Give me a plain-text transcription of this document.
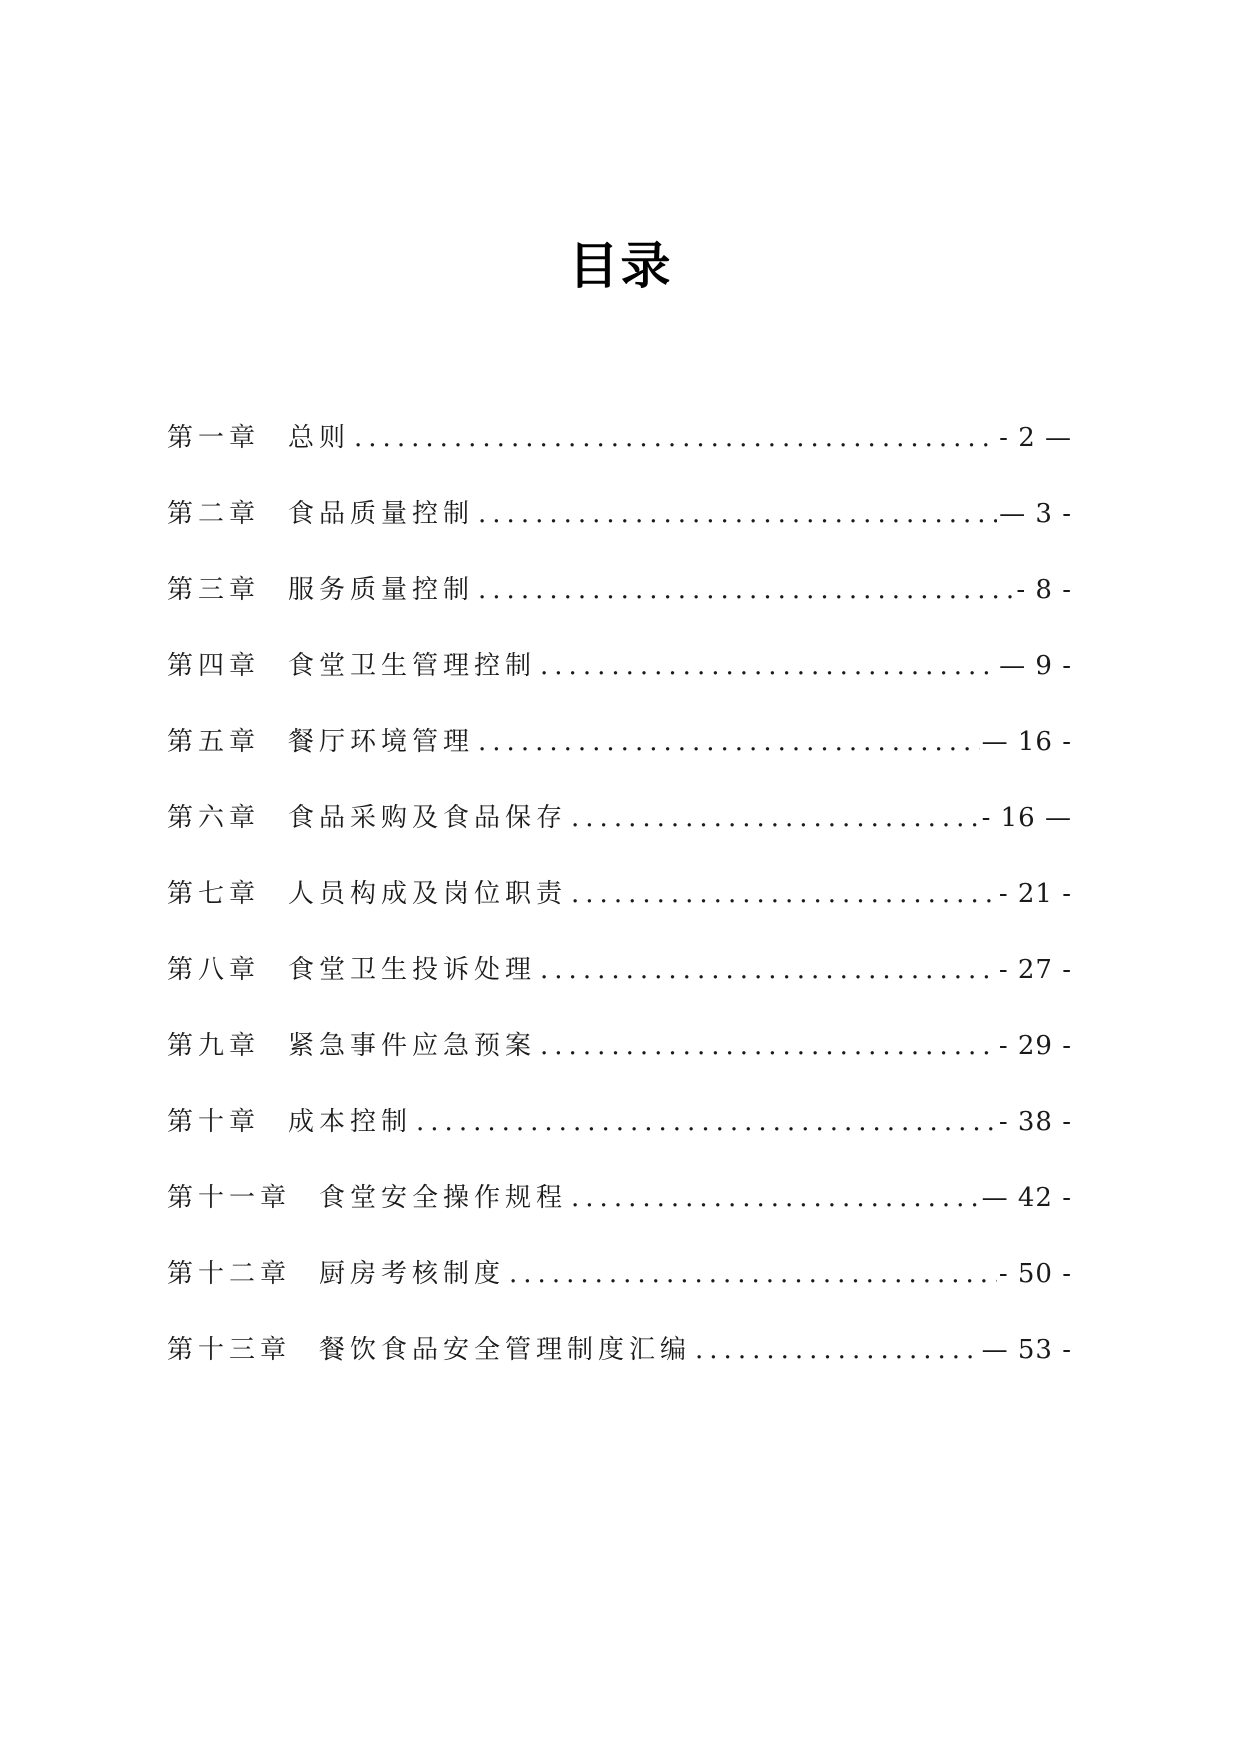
目录
第一章	总则 .....	- 2 —
第二章	食品质量控制 .....	— 3 -
第三章	服务质量控制 .....	- 8 -
第四章	食堂卫生管理控制 .....	— 9 -
第五章	餐厅环境管理 .....	— 16 -
第六章	食品采购及食品保存 .....	- 16 —
第七章	人员构成及岗位职责 .....	- 21 -
第八章	食堂卫生投诉处理 .....	- 27 -
第九章	紧急事件应急预案 .....	- 29 -
第十章	成本控制 .....	- 38 -
第十一章	食堂安全操作规程 .....	— 42 -
第十二章	厨房考核制度 .....	- 50 -
第十三章	餐饮食品安全管理制度汇编 .....	— 53 -
